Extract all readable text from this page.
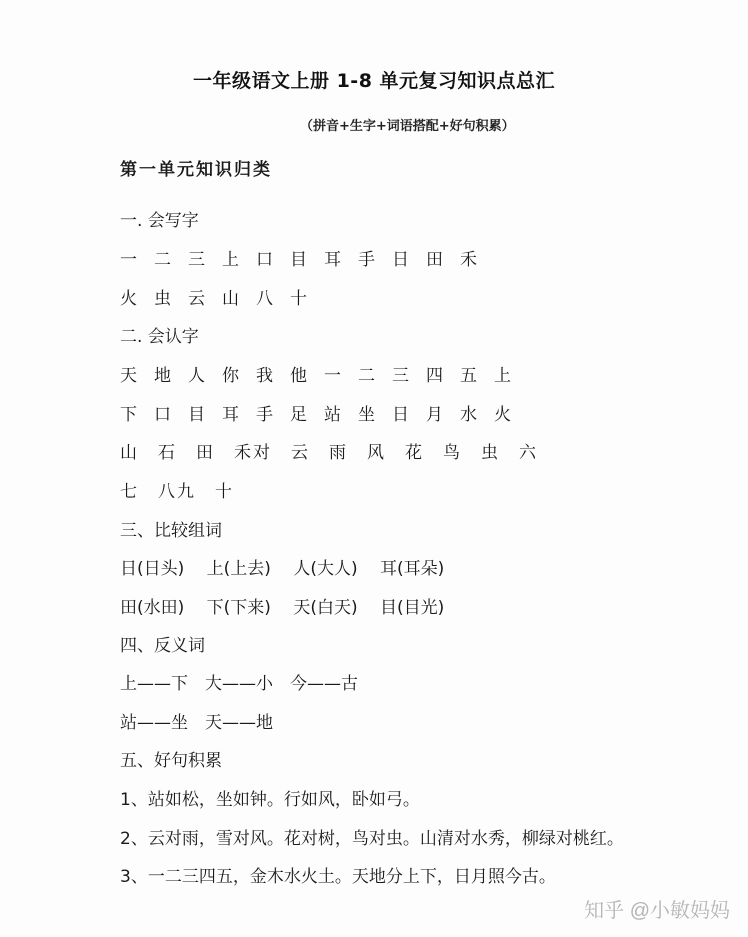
一年级语文上册 1-8 单元复习知识点总汇
（拼音+生字+词语搭配+好句积累）
第一单元知识归类
一. 会写字
一 二 三 上 口 目 耳 手 日 田 禾
火 虫 云 山 八 十
二. 会认字
天 地 人 你 我 他 一 二 三 四 五 上
下 口 目 耳 手 足 站 坐 日 月 水 火
山　石　田　禾对　云　雨　风　花　鸟　虫　六
七　八九　十
三、比较组词
日(日头)　 上(上去)　 人(大人)　 耳(耳朵)
田(水田)　 下(下来)　 天(白天)　 目(目光)
四、反义词
上——下　大——小　今——古
站——坐　天——地
五、好句积累
1、站如松，坐如钟。行如风，卧如弓。
2、云对雨，雪对风。花对树，鸟对虫。山清对水秀，柳绿对桃红。
3、一二三四五，金木水火土。天地分上下，日月照今古。
知乎 @小敏妈妈
